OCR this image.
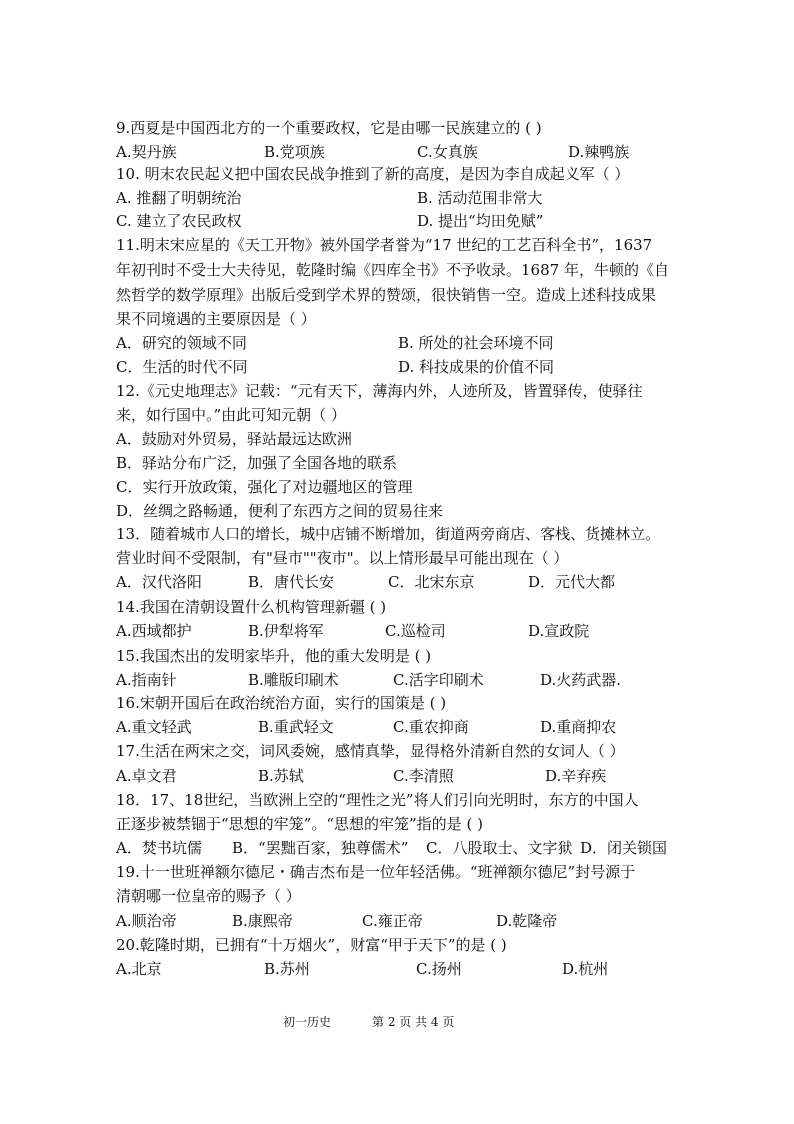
9.西夏是中国西北方的一个重要政权，它是由哪一民族建立的 ( )
A.契丹族	B.党项族	C.女真族	D.辣鸭族
10. 明末农民起义把中国农民战争推到了新的高度，是因为李自成起义军（ ）
A. 推翻了明朝统治	B. 活动范围非常大
C. 建立了农民政权	D. 提出“均田免赋”
11.明末宋应星的《天工开物》被外国学者誉为“17 世纪的工艺百科全书”，1637
年初刊时不受士大夫待见，乾隆时编《四库全书》不予收录。1687 年，牛顿的《自
然哲学的数学原理》出版后受到学术界的赞颂，很快销售一空。造成上述科技成果
果不同境遇的主要原因是（ ）
A．研究的领域不同	B. 所处的社会环境不同
C．生活的时代不同	D. 科技成果的价值不同
12.《元史地理志》记载：“元有天下，薄海内外，人迹所及，皆置驿传，使驿往
来，如行国中。”由此可知元朝（ ）
A．鼓励对外贸易，驿站最远达欧洲
B．驿站分布广泛，加强了全国各地的联系
C．实行开放政策，强化了对边疆地区的管理
D．丝绸之路畅通，便利了东西方之间的贸易往来
13．随着城市人口的增长，城中店铺不断增加，街道两旁商店、客栈、货摊林立。
营业时间不受限制，有"昼市""夜市"。以上情形最早可能出现在（ ）
A．汉代洛阳	B．唐代长安	C．北宋东京	D．元代大都
14.我国在清朝设置什么机构管理新疆 ( )
A.西域都护	B.伊犁将军	C.巡检司	D.宣政院
15.我国杰出的发明家毕升，他的重大发明是 ( )
A.指南针	B.雕版印刷术	C.活字印刷术	D.火药武器.
16.宋朝开国后在政治统治方面，实行的国策是 ( )
A.重文轻武	B.重武轻文	C.重农抑商	D.重商抑农
17.生活在两宋之交，词风委婉，感情真挚，显得格外清新自然的女词人（ ）
A.卓文君	B.苏轼	C.李清照	D.辛弃疾
18．17、18世纪，当欧洲上空的“理性之光”将人们引向光明时，东方的中国人
正逐步被禁锢于“思想的牢笼”。“思想的牢笼”指的是 ( )
A．焚书坑儒 B．“罢黜百家，独尊儒术” C．八股取士、文字狱 D．闭关锁国
19.十一世班禅额尔德尼・确吉杰布是一位年轻活佛。“班禅额尔德尼”封号源于
清朝哪一位皇帝的赐予（ ）
A.顺治帝	B.康熙帝	C.雍正帝	D.乾隆帝
20.乾隆时期，已拥有“十万烟火”，财富“甲于天下”的是 ( )
A.北京	B.苏州	C.扬州	D.杭州
初一历史	第 2 页 共 4 页
